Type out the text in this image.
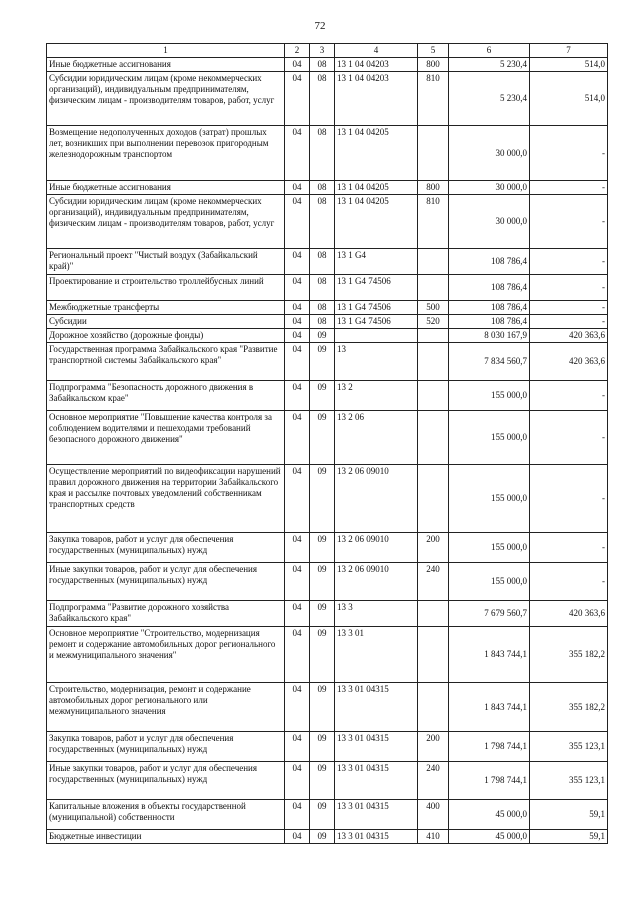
72
1	2	3	4	5	6	7
Иные бюджетные ассигнования	04	08	13 1 04 04203	800	5 230,4	514,0
Субсидии юридическим лицам (кроме некоммерческих организаций), индивидуальным предпринимателям, физическим лицам - производителям товаров, работ, услуг	04	08	13 1 04 04203	810	5 230,4	514,0
Возмещение недополученных доходов (затрат) прошлых лет, возникших при выполнении перевозок пригородным железнодорожным транспортом	04	08	13 1 04 04205		30 000,0	-
Иные бюджетные ассигнования	04	08	13 1 04 04205	800	30 000,0	-
Субсидии юридическим лицам (кроме некоммерческих организаций), индивидуальным предпринимателям, физическим лицам - производителям товаров, работ, услуг	04	08	13 1 04 04205	810	30 000,0	-
Региональный проект "Чистый воздух (Забайкальский край)"	04	08	13 1 G4		108 786,4	-
Проектирование и строительство троллейбусных линий	04	08	13 1 G4 74506		108 786,4	-
Межбюджетные трансферты	04	08	13 1 G4 74506	500	108 786,4	-
Субсидии	04	08	13 1 G4 74506	520	108 786,4	-
Дорожное хозяйство (дорожные фонды)	04	09			8 030 167,9	420 363,6
Государственная программа Забайкальского края "Развитие транспортной системы Забайкальского края"	04	09	13		7 834 560,7	420 363,6
Подпрограмма "Безопасность дорожного движения в Забайкальском крае"	04	09	13 2		155 000,0	-
Основное мероприятие "Повышение качества контроля за соблюдением водителями и пешеходами требований безопасного дорожного движения"	04	09	13 2 06		155 000,0	-
Осуществление мероприятий по видеофиксации нарушений правил дорожного движения на территории Забайкальского края и рассылке почтовых уведомлений собственникам транспортных средств	04	09	13 2 06 09010		155 000,0	-
Закупка товаров, работ и услуг для обеспечения государственных (муниципальных) нужд	04	09	13 2 06 09010	200	155 000,0	-
Иные закупки товаров, работ и услуг для обеспечения государственных (муниципальных) нужд	04	09	13 2 06 09010	240	155 000,0	-
Подпрограмма "Развитие дорожного хозяйства Забайкальского края"	04	09	13 3		7 679 560,7	420 363,6
Основное мероприятие "Строительство, модернизация ремонт и содержание автомобильных дорог регионального и межмуниципального значения"	04	09	13 3 01		1 843 744,1	355 182,2
Строительство, модернизация, ремонт и содержание автомобильных дорог регионального или межмуниципального значения	04	09	13 3 01 04315		1 843 744,1	355 182,2
Закупка товаров, работ и услуг для обеспечения государственных (муниципальных) нужд	04	09	13 3 01 04315	200	1 798 744,1	355 123,1
Иные закупки товаров, работ и услуг для обеспечения государственных (муниципальных) нужд	04	09	13 3 01 04315	240	1 798 744,1	355 123,1
Капитальные вложения в объекты государственной (муниципальной) собственности	04	09	13 3 01 04315	400	45 000,0	59,1
Бюджетные инвестиции	04	09	13 3 01 04315	410	45 000,0	59,1
